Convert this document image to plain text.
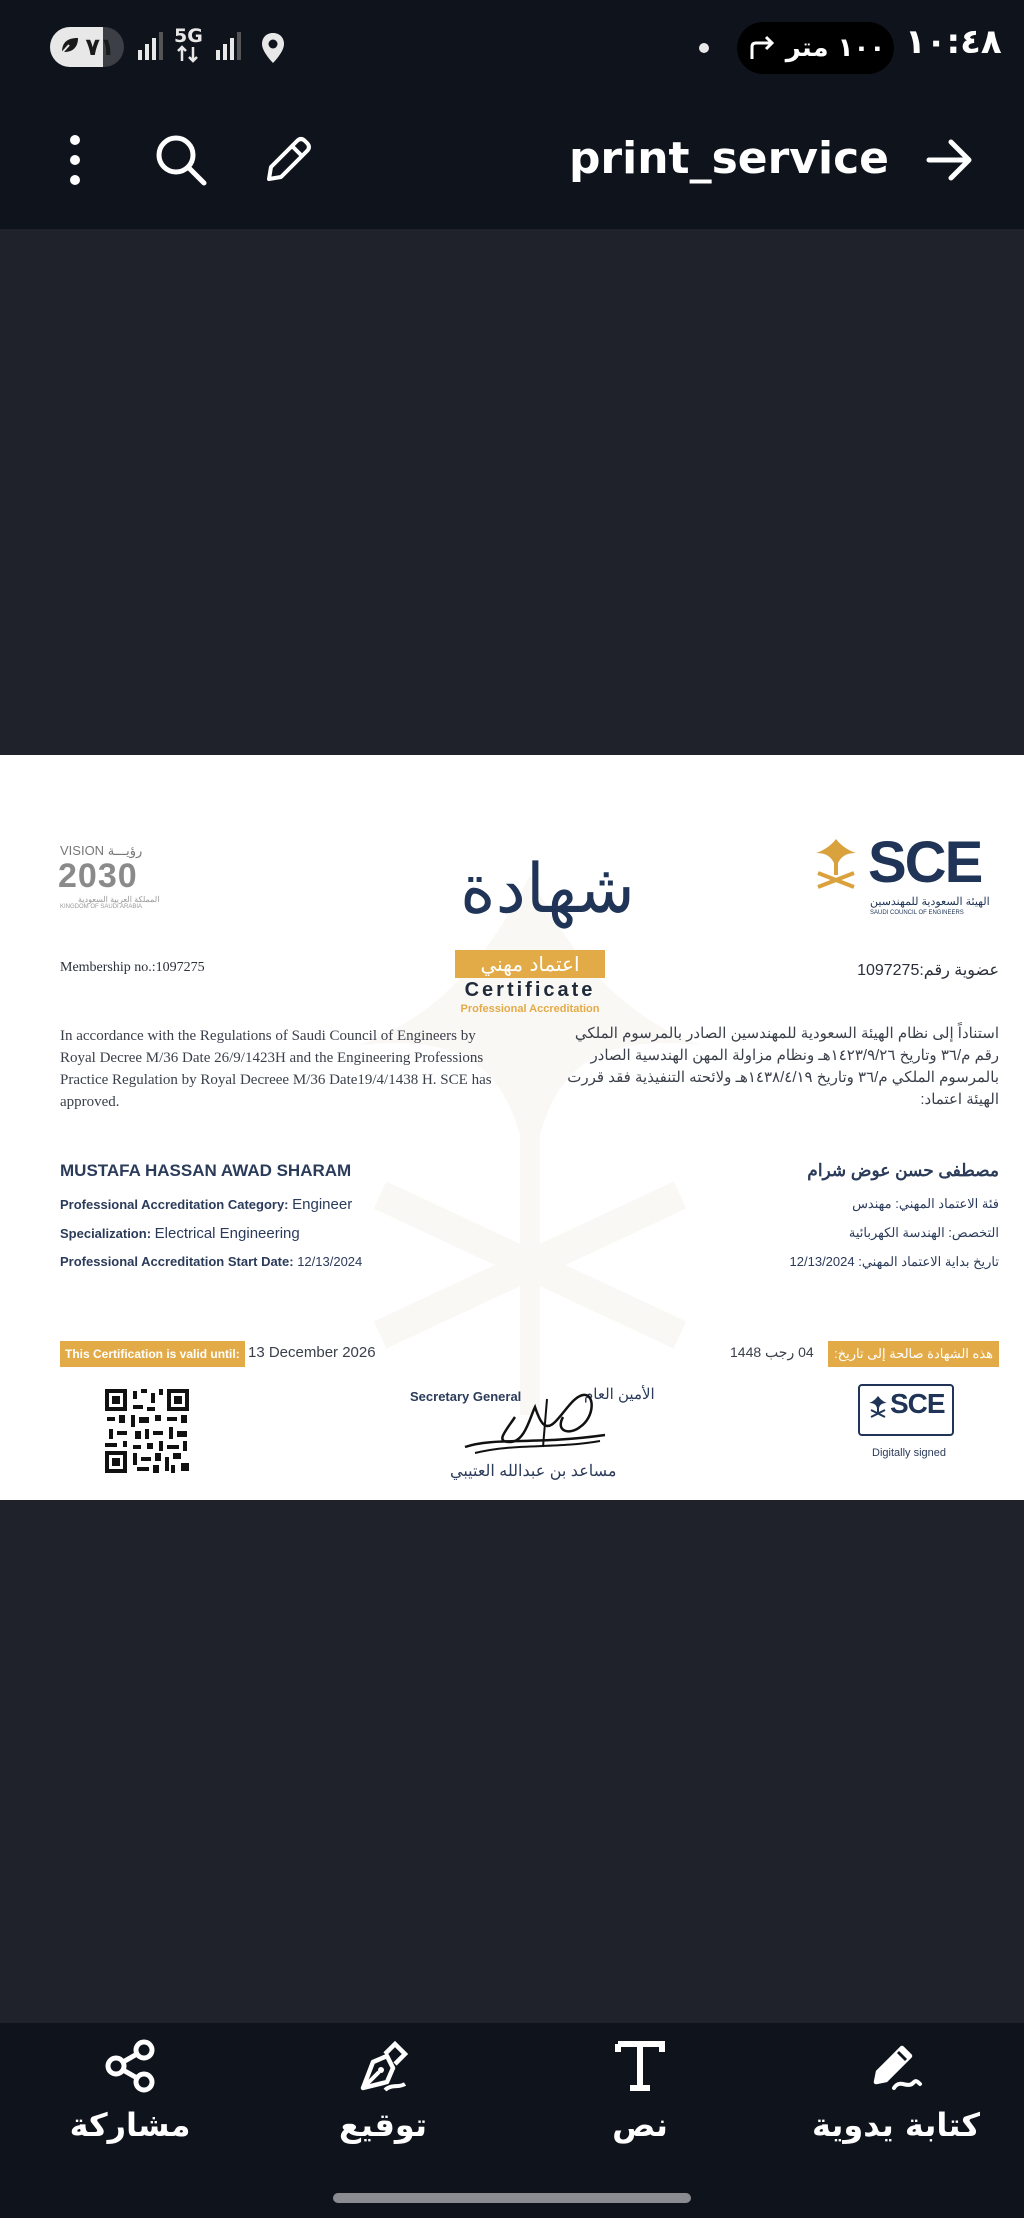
٧١	5G	١٠٠ متر ١٠:٤٨
print_service
VISION رؤيـــة
2030
المملكة العربية السعودية
KINGDOM OF SAUDI ARABIA
SCE
الهيئة السعودية للمهندسين
SAUDI COUNCIL OF ENGINEERS
شهادة
اعتماد مهني
Certificate
Professional Accreditation
Membership no.:1097275	عضوية رقم:1097275
In accordance with the Regulations of Saudi Council of Engineers by Royal Decree M/36 Date 26/9/1423H and the Engineering Professions Practice Regulation by Royal Decreee M/36 Date19/4/1438 H. SCE has approved.
استناداً إلى نظام الهيئة السعودية للمهندسين الصادر بالمرسوم الملكي رقم م/٣٦ وتاريخ ١٤٢٣/٩/٢٦هـ ونظام مزاولة المهن الهندسية الصادر بالمرسوم الملكي م/٣٦ وتاريخ ١٤٣٨/٤/١٩هـ ولائحته التنفيذية فقد قررت الهيئة اعتماد:
MUSTAFA HASSAN AWAD SHARAM	مصطفى حسن عوض شرام
Professional Accreditation Category: Engineer	فئة الاعتماد المهني: مهندس
Specialization: Electrical Engineering	التخصص: الهندسة الكهربائية
Professional Accreditation Start Date: 12/13/2024	تاريخ بداية الاعتماد المهني: 12/13/2024
This Certification is valid until: 13 December 2026	هذه الشهادة صالحة إلى تاريخ:
04 رجب 1448
Secretary General	الأمين العام
مساعد بن عبدالله العتيبي
SCE
Digitally signed
مشاركة	توقيع	نص	كتابة يدوية
